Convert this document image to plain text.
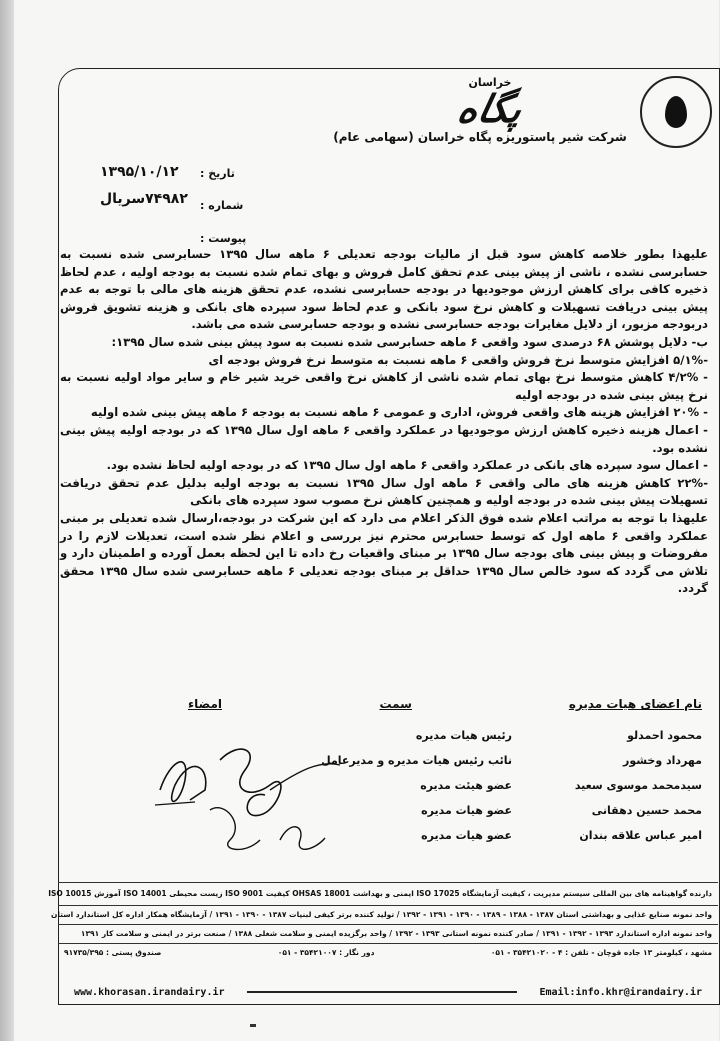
خراسان
پگاه
شرکت شیر پاستوریزه پگاه خراسان (سهامی عام)
تاریخ :
۱۳۹۵/۱۰/۱۲
شماره :
۷۴۹۸۲سریال
پیوست :

علیهذا بطور خلاصه کاهش سود قبل از مالیات بودجه تعدیلی ۶ ماهه سال ۱۳۹۵ حسابرسی شده نسبت به حسابرسی نشده ، ناشی از پیش بینی عدم تحقق کامل فروش و بهای تمام شده نسبت به بودجه اولیه ، عدم لحاظ ذخیره کافی برای کاهش ارزش موجودیها در بودجه حسابرسی نشده، عدم تحقق هزینه های مالی با توجه به عدم پیش بینی دریافت تسهیلات و کاهش نرخ سود بانکی و عدم لحاظ سود سپرده های بانکی و هزینه تشویق فروش دربودجه مزبور، از دلایل مغایرات بودجه حسابرسی نشده و بودجه حسابرسی شده می باشد.

ب- دلایل پوشش ۶۸ درصدی سود واقعی ۶ ماهه حسابرسی شده نسبت به سود پیش بینی شده سال ۱۳۹۵:

-۵/۱% افزایش متوسط نرخ فروش واقعی ۶ ماهه نسبت به متوسط نرخ فروش بودجه ای

- ۴/۲% کاهش متوسط نرخ بهای تمام شده ناشی از کاهش نرخ واقعی خرید شیر خام و سایر مواد اولیه نسبت به نرخ پیش بینی شده در بودجه اولیه

- ۲۰% افزایش هزینه های واقعی فروش، اداری و عمومی ۶ ماهه نسبت به بودجه ۶ ماهه پیش بینی شده اولیه

- اعمال هزینه ذخیره کاهش ارزش موجودیها در عملکرد واقعی ۶ ماهه اول سال ۱۳۹۵ که در بودجه اولیه پیش بینی نشده بود.

- اعمال سود سپرده های بانکی در عملکرد واقعی ۶ ماهه اول سال ۱۳۹۵ که در بودجه اولیه لحاظ نشده بود.

-۲۲% کاهش هزینه های مالی واقعی ۶ ماهه اول سال ۱۳۹۵ نسبت به بودجه اولیه بدلیل عدم تحقق دریافت تسهیلات پیش بینی شده در بودجه اولیه و همچنین کاهش نرخ مصوب سود سپرده های بانکی

علیهذا با توجه به مراتب اعلام شده فوق الذکر اعلام می دارد که این شرکت در بودجه،ارسال شده تعدیلی بر مبنی عملکرد واقعی ۶ ماهه اول که توسط حسابرس محترم نیز بررسی و اعلام نظر شده است، تعدیلات لازم را در مفروضات و پیش بینی های بودجه سال ۱۳۹۵ بر مبنای واقعیات رخ داده تا این لحظه بعمل آورده و اطمینان دارد و تلاش می گردد که سود خالص سال ۱۳۹۵ حداقل بر مبنای بودجه تعدیلی ۶ ماهه حسابرسی شده سال ۱۳۹۵ محقق گردد.

نام اعضای هیات مدیره
محمود احمدلو
مهرداد وخشور
سیدمحمد موسوی سعید
محمد حسین دهقانی
امیر عباس علاقه بندان
سمت
رئیس هیات مدیره
نائب رئیس هیات مدیره و مدیرعامل
عضو هیئت مدیره
عضو هیات مدیره
عضو هیات مدیره
امضاء
دارنده گواهینامه های بین المللی سیستم مدیریت ، کیفیت آزمایشگاه ISO 17025 ایمنی و بهداشت OHSAS 18001 کیفیت ISO 9001 زیست محیطی ISO 14001 آموزش ISO 10015
واحد نمونه صنایع غذایی و بهداشتی استان ۱۳۸۷ - ۱۳۸۸ - ۱۳۸۹ - ۱۳۹۰ - ۱۳۹۱ - ۱۳۹۲ / تولید کننده برتر کیفی لبنیات ۱۳۸۷ - ۱۳۹۰ - ۱۳۹۱ / آزمایشگاه همکار اداره کل استاندارد استان
واحد نمونه اداره استاندارد ۱۳۹۳ - ۱۳۹۲ - ۱۳۹۱ / صادر کننده نمونه استانی ۱۳۹۳ - ۱۳۹۲ / واحد برگزیده ایمنی و سلامت شغلی ۱۳۸۸ / صنعت برتر در ایمنی و سلامت کار ۱۳۹۱
مشهد ، کیلومتر ۱۳ جاده قوچان - تلفن : ۴ - ۳۵۴۲۱۰۲۰ - ۰۵۱
دور نگار : ۳۵۴۲۱۰۰۷ - ۰۵۱
صندوق پستی : ۹۱۷۳۵/۳۹۵
www.khorasan.irandairy.ir	Email:info.khr@irandairy.ir
